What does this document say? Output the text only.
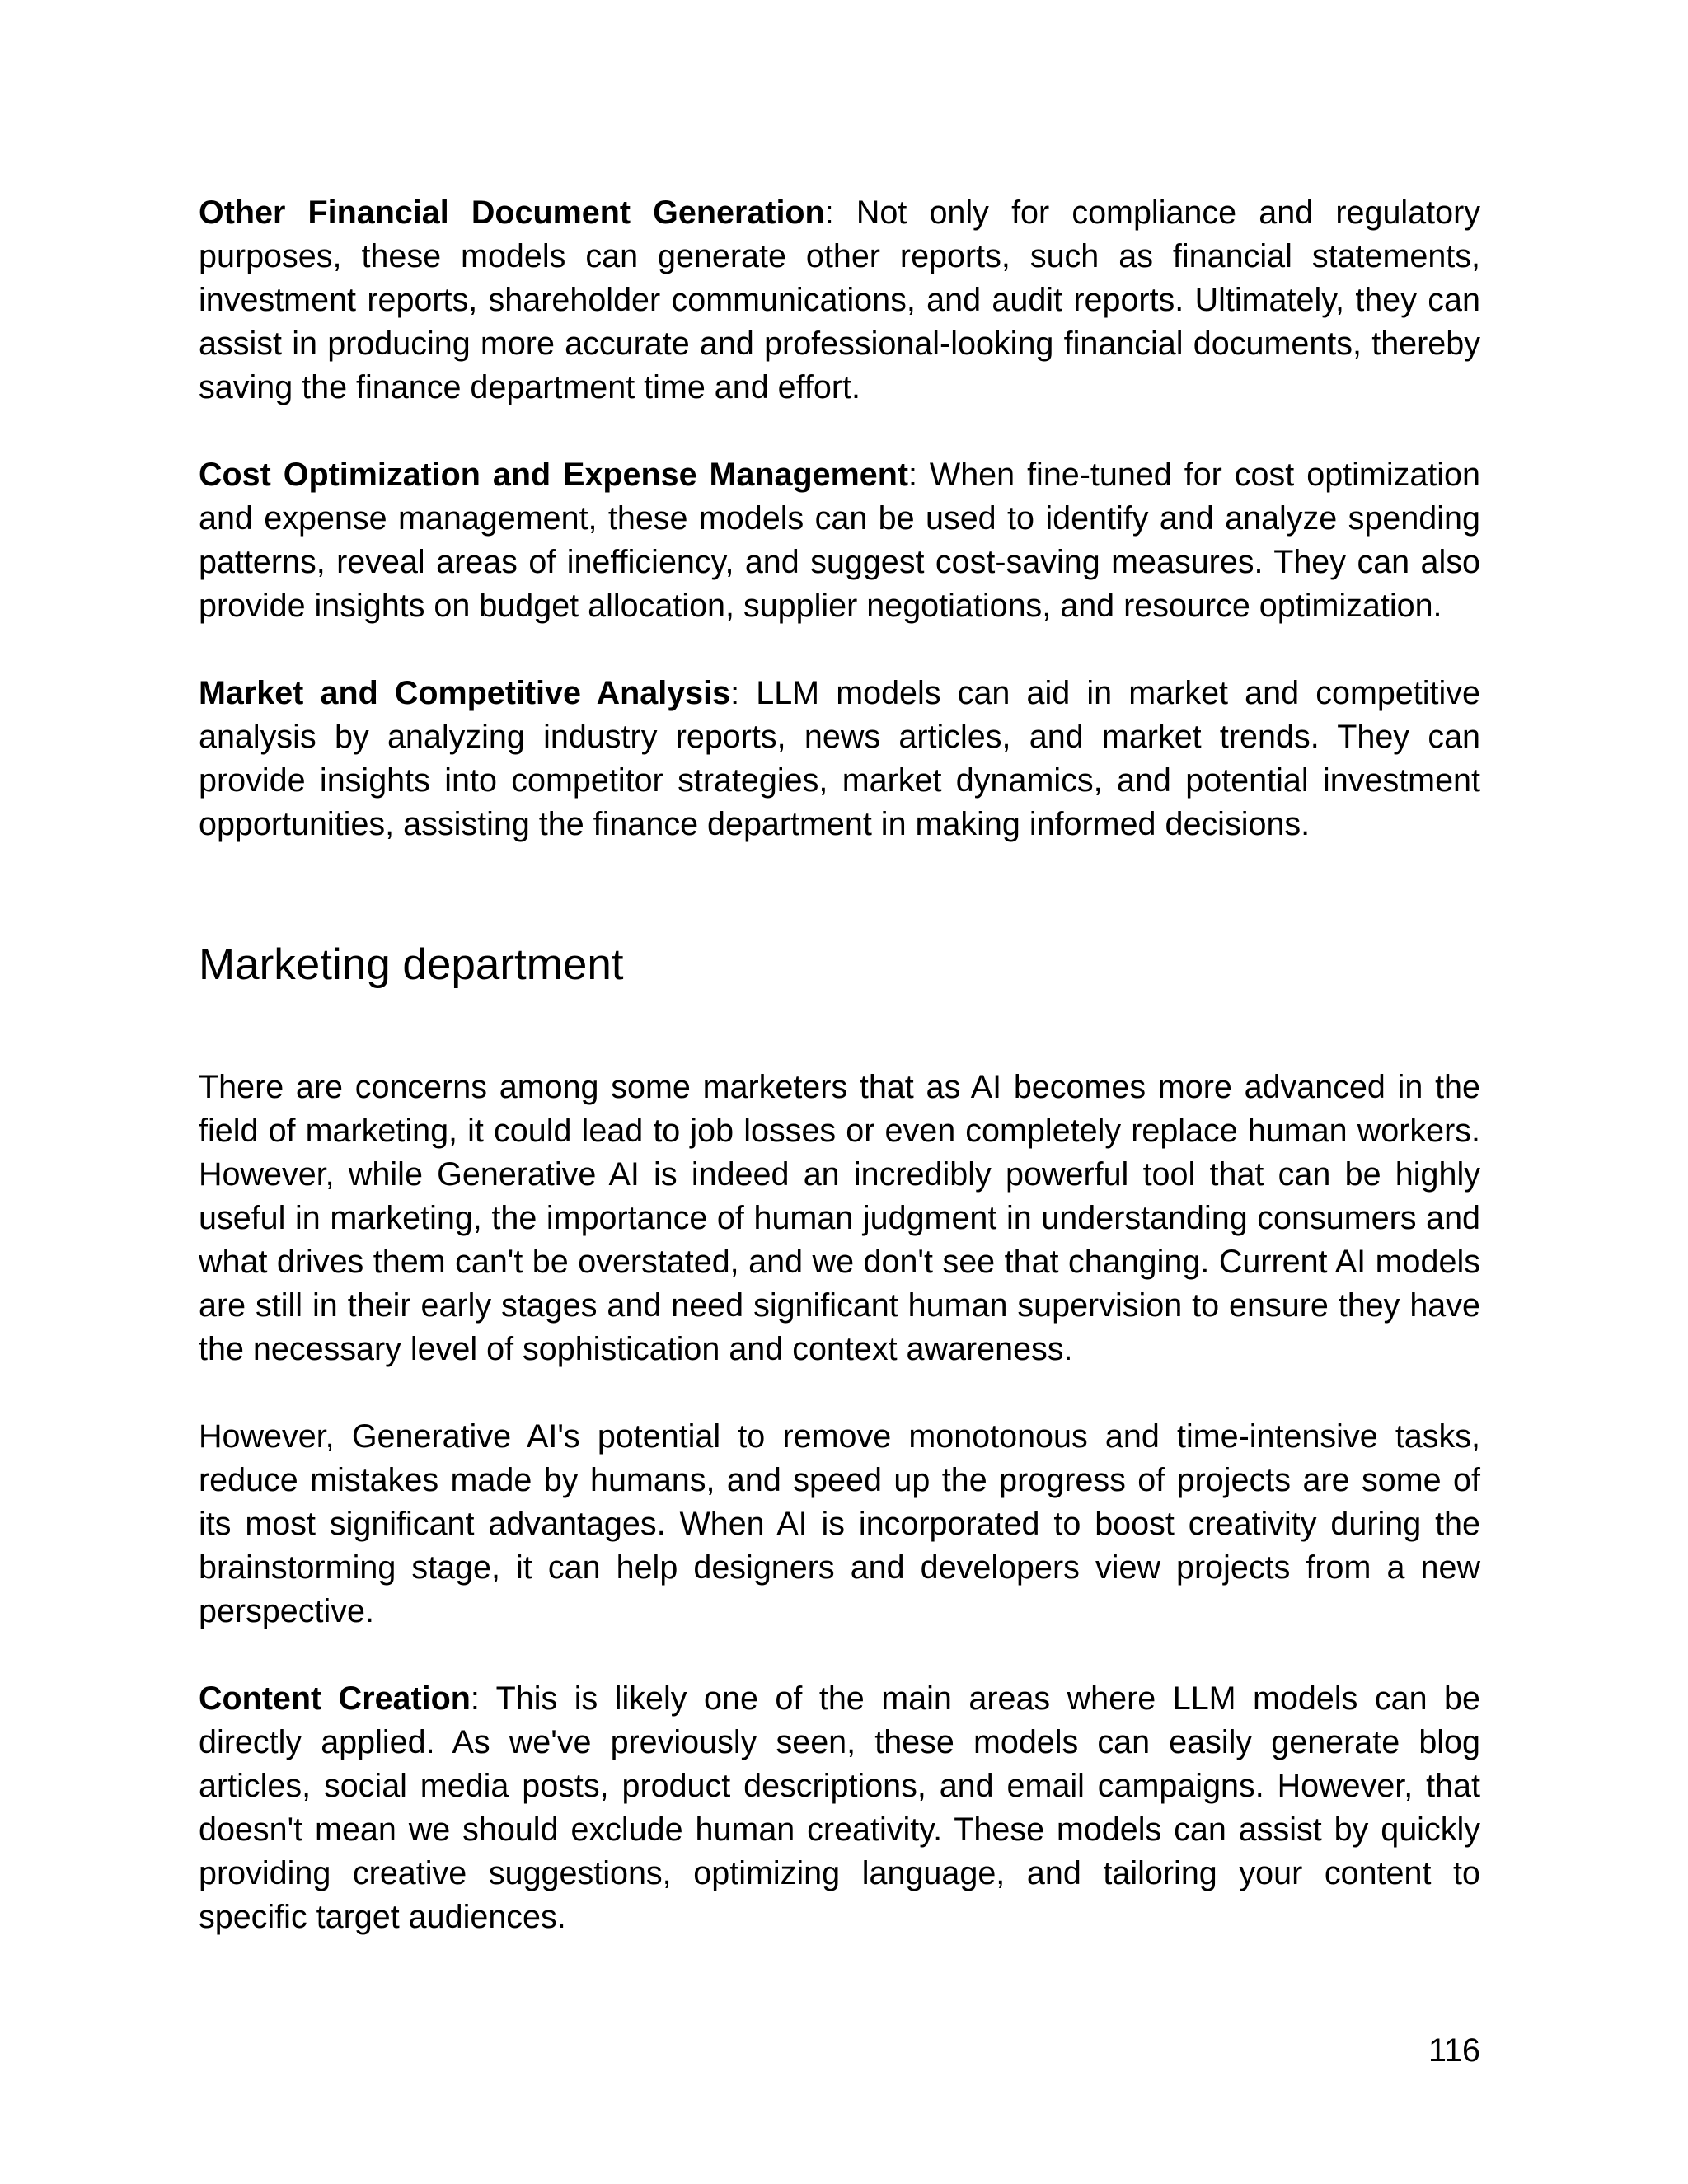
Other Financial Document Generation: Not only for compliance and regulatory purposes, these models can generate other reports, such as financial statements, investment reports, shareholder communications, and audit reports. Ultimately, they can assist in producing more accurate and professional-looking financial documents, thereby saving the finance department time and effort.

Cost Optimization and Expense Management: When fine-tuned for cost optimization and expense management, these models can be used to identify and analyze spending patterns, reveal areas of inefficiency, and suggest cost-saving measures. They can also provide insights on budget allocation, supplier negotiations, and resource optimization.

Market and Competitive Analysis: LLM models can aid in market and competitive analysis by analyzing industry reports, news articles, and market trends. They can provide insights into competitor strategies, market dynamics, and potential investment opportunities, assisting the finance department in making informed decisions.

Marketing department

There are concerns among some marketers that as AI becomes more advanced in the field of marketing, it could lead to job losses or even completely replace human workers. However, while Generative AI is indeed an incredibly powerful tool that can be highly useful in marketing, the importance of human judgment in understanding consumers and what drives them can't be overstated, and we don't see that changing. Current AI models are still in their early stages and need significant human supervision to ensure they have the necessary level of sophistication and context awareness.

However, Generative AI's potential to remove monotonous and time-intensive tasks, reduce mistakes made by humans, and speed up the progress of projects are some of its most significant advantages. When AI is incorporated to boost creativity during the brainstorming stage, it can help designers and developers view projects from a new perspective.

Content Creation: This is likely one of the main areas where LLM models can be directly applied. As we've previously seen, these models can easily generate blog articles, social media posts, product descriptions, and email campaigns. However, that doesn't mean we should exclude human creativity. These models can assist by quickly providing creative suggestions, optimizing language, and tailoring your content to specific target audiences.

116
